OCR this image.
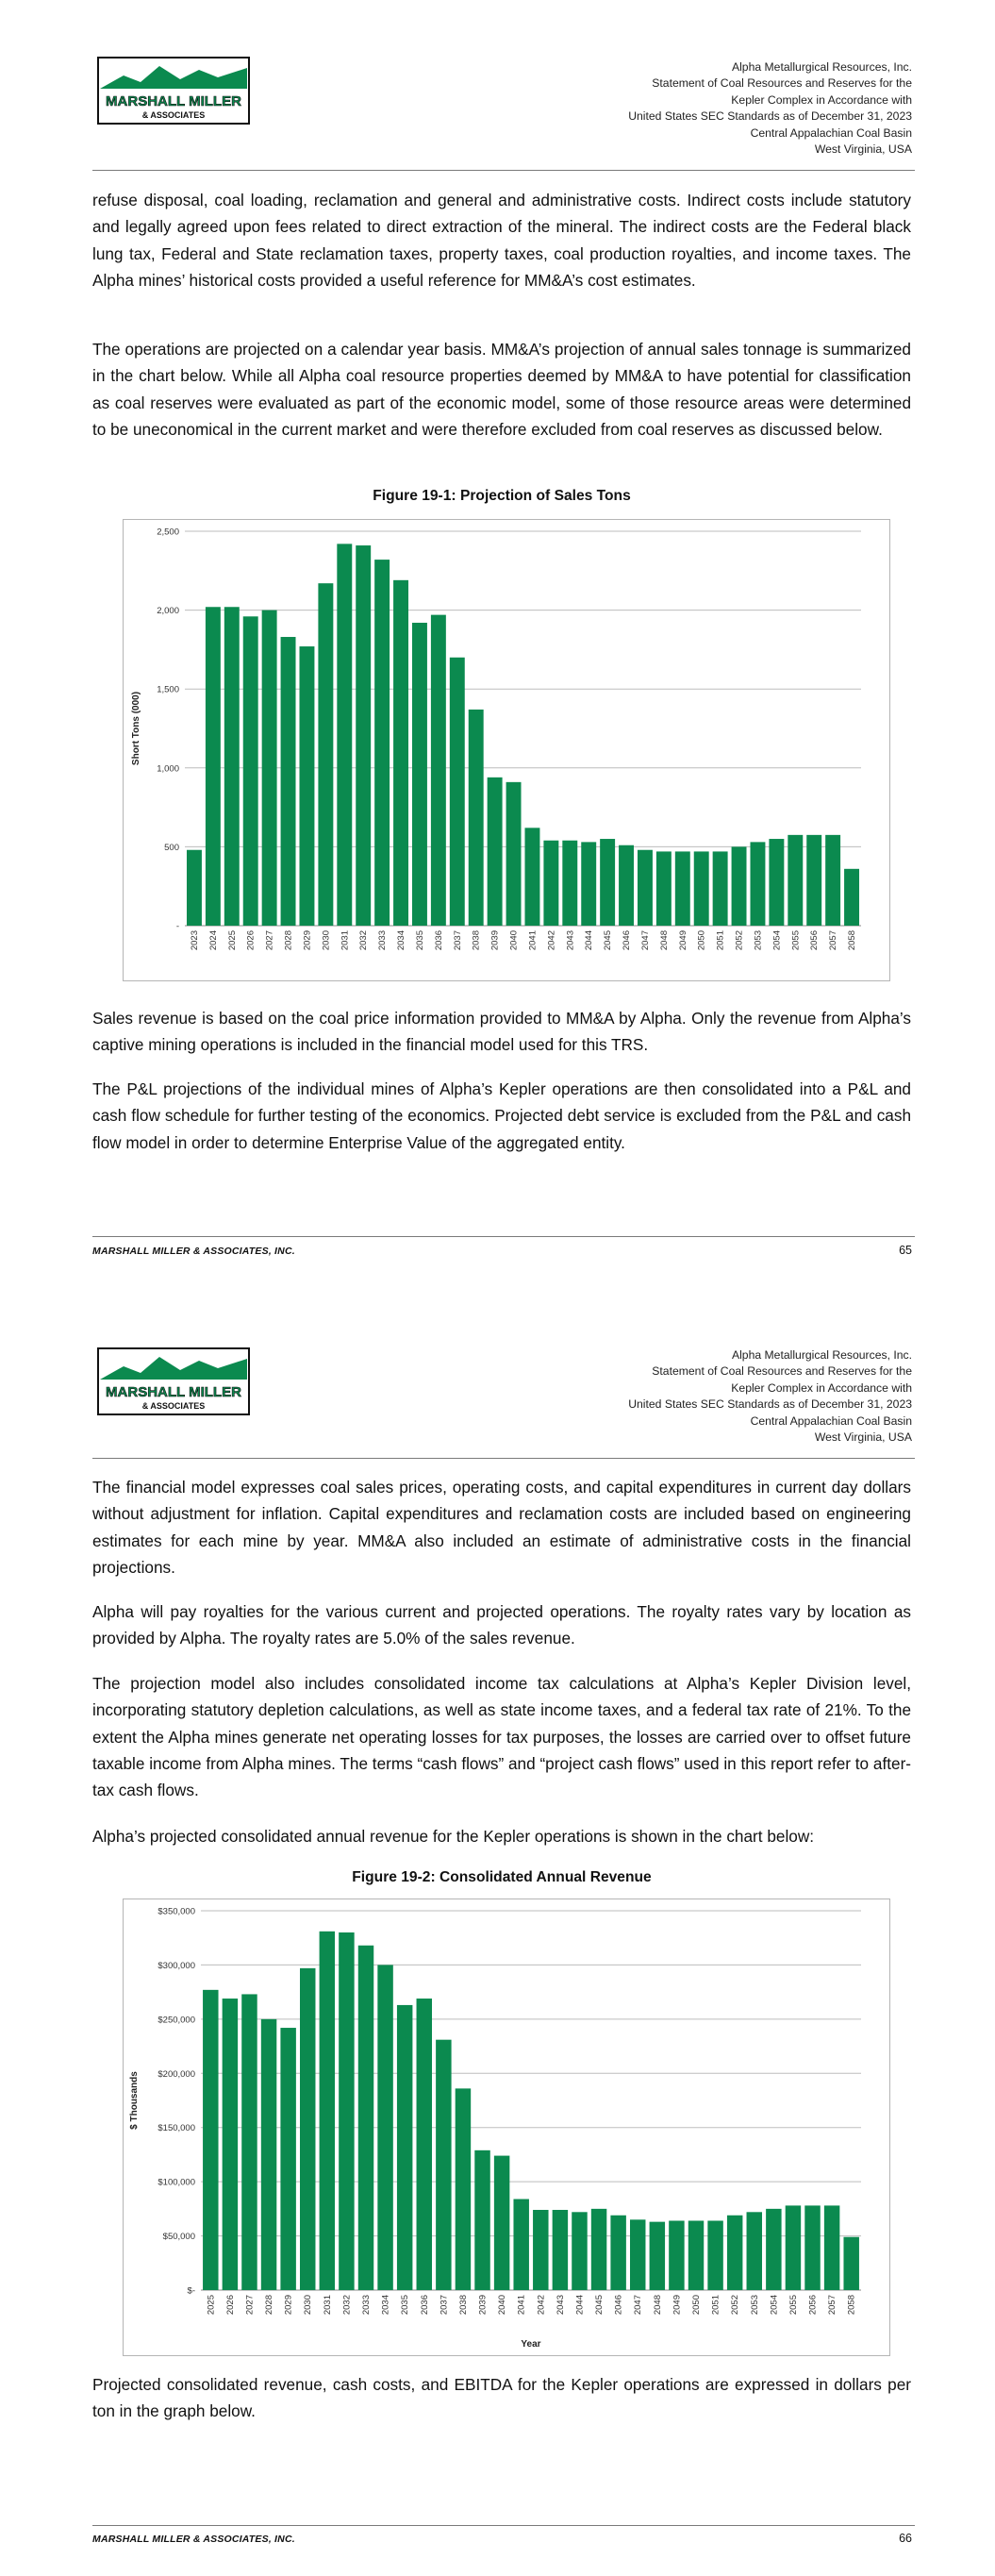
MARSHALL MILLER
& ASSOCIATES
Alpha Metallurgical Resources, Inc.
Statement of Coal Resources and Reserves for the
Kepler Complex in Accordance with
United States SEC Standards as of December 31, 2023
Central Appalachian Coal Basin
West Virginia, USA

refuse disposal, coal loading, reclamation and general and administrative costs. Indirect costs include statutory and legally agreed upon fees related to direct extraction of the mineral. The indirect costs are the Federal black lung tax, Federal and State reclamation taxes, property taxes, coal production royalties, and income taxes. The Alpha mines’ historical costs provided a useful reference for MM&A’s cost estimates.

The operations are projected on a calendar year basis. MM&A’s projection of annual sales tonnage is summarized in the chart below. While all Alpha coal resource properties deemed by MM&A to have potential for classification as coal reserves were evaluated as part of the economic model, some of those resource areas were determined to be uneconomical in the current market and were therefore excluded from coal reserves as discussed below.

Figure 19-1: Projection of Sales Tons
-
500
1,000
1,500
2,000
2,500
2023 2024 2025 2026 2027 2028 2029 2030 2031 2032 2033 2034 2035 2036 2037 2038 2039 2040 2041 2042 2043 2044 2045 2046 2047 2048 2049 2050 2051 2052 2053 2054 2055 2056 2057 2058
Short Tons (000)

Sales revenue is based on the coal price information provided to MM&A by Alpha. Only the revenue from Alpha’s captive mining operations is included in the financial model used for this TRS.

The P&L projections of the individual mines of Alpha’s Kepler operations are then consolidated into a P&L and cash flow schedule for further testing of the economics. Projected debt service is excluded from the P&L and cash flow model in order to determine Enterprise Value of the aggregated entity.

MARSHALL MILLER & ASSOCIATES, INC.	65
MARSHALL MILLER
& ASSOCIATES
Alpha Metallurgical Resources, Inc.
Statement of Coal Resources and Reserves for the
Kepler Complex in Accordance with
United States SEC Standards as of December 31, 2023
Central Appalachian Coal Basin
West Virginia, USA

The financial model expresses coal sales prices, operating costs, and capital expenditures in current day dollars without adjustment for inflation. Capital expenditures and reclamation costs are included based on engineering estimates for each mine by year. MM&A also included an estimate of administrative costs in the financial projections.

Alpha will pay royalties for the various current and projected operations. The royalty rates vary by location as provided by Alpha. The royalty rates are 5.0% of the sales revenue.

The projection model also includes consolidated income tax calculations at Alpha’s Kepler Division level, incorporating statutory depletion calculations, as well as state income taxes, and a federal tax rate of 21%. To the extent the Alpha mines generate net operating losses for tax purposes, the losses are carried over to offset future taxable income from Alpha mines. The terms “cash flows” and “project cash flows” used in this report refer to after-tax cash flows.

Alpha’s projected consolidated annual revenue for the Kepler operations is shown in the chart below:

Figure 19-2: Consolidated Annual Revenue
$-
$50,000
$100,000
$150,000
$200,000
$250,000
$300,000
$350,000
2025 2026 2027 2028 2029 2030 2031 2032 2033 2034 2035 2036 2037 2038 2039 2040 2041 2042 2043 2044 2045 2046 2047 2048 2049 2050 2051 2052 2053 2054 2055 2056 2057 2058
$ Thousands
Year

Projected consolidated revenue, cash costs, and EBITDA for the Kepler operations are expressed in dollars per ton in the graph below.

MARSHALL MILLER & ASSOCIATES, INC.	66
